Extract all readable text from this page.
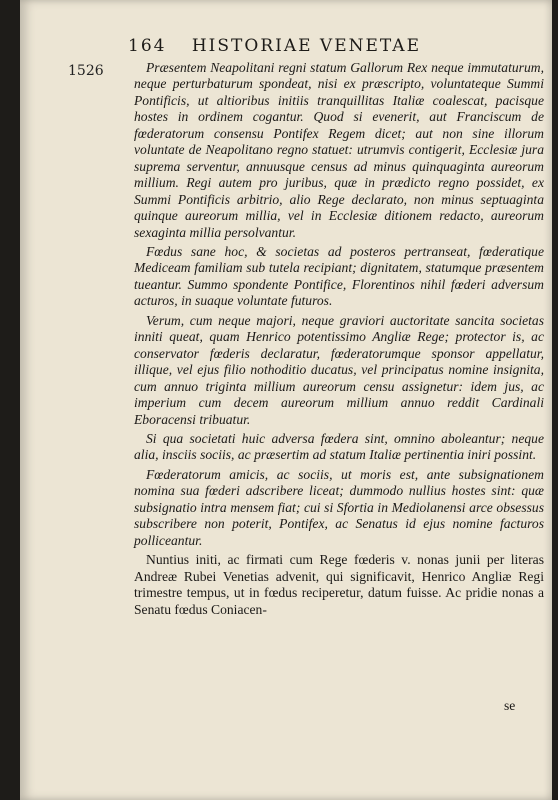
164 HISTORIAE VENETAE
1526	Præsentem Neapolitani regni statum Gallorum Rex neque immutaturum, neque perturbaturum spondeat, nisi ex præscripto, voluntateque Summi Pontificis, ut altioribus initiis tranquillitas Italiæ coalescat, pacisque hostes in ordinem cogantur. Quod si evenerit, aut Franciscum de fœderatorum consensu Pontifex Regem dicet; aut non sine illorum voluntate de Neapolitano regno statuet: utrumvis contigerit, Ecclesiæ jura suprema serventur, annuusque census ad minus quinquaginta aureorum millium. Regi autem pro juribus, quæ in prædicto regno possidet, ex Summi Pontificis arbitrio, alio Rege declarato, non minus septuaginta quinque aureorum millia, vel in Ecclesiæ ditionem redacto, aureorum sexaginta millia persolvantur.

Fœdus sane hoc, & societas ad posteros pertranseat, fœderatique Mediceam familiam sub tutela recipiant; dignitatem, statumque præsentem tueantur. Summo spondente Pontifice, Florentinos nihil fœderi adversum acturos, in suaque voluntate futuros.

Verum, cum neque majori, neque graviori auctoritate sancita societas inniti queat, quam Henrico potentissimo Angliæ Rege; protector is, ac conservator fœderis declaratur, fœderatorumque sponsor appellatur, illique, vel ejus filio nothoditio ducatus, vel principatus nomine insignita, cum annuo triginta millium aureorum censu assignetur: idem jus, ac imperium cum decem aureorum millium annuo reddit Cardinali Eboracensi tribuatur.

Si qua societati huic adversa fœdera sint, omnino aboleantur; neque alia, insciis sociis, ac præsertim ad statum Italiæ pertinentia iniri possint.

Fœderatorum amicis, ac sociis, ut moris est, ante subsignationem nomina sua fœderi adscribere liceat; dummodo nullius hostes sint: quæ subsignatio intra mensem fiat; cui si Sfortia in Mediolanensi arce obsessus subscribere non poterit, Pontifex, ac Senatus id ejus nomine facturos polliceantur.

Nuntius initi, ac firmati cum Rege fœderis v. nonas junii per literas Andreæ Rubei Venetias advenit, qui significavit, Henrico Angliæ Regi trimestre tempus, ut in fœdus reciperetur, datum fuisse. Ac pridie nonas a Senatu fœdus Coniacen-

se
